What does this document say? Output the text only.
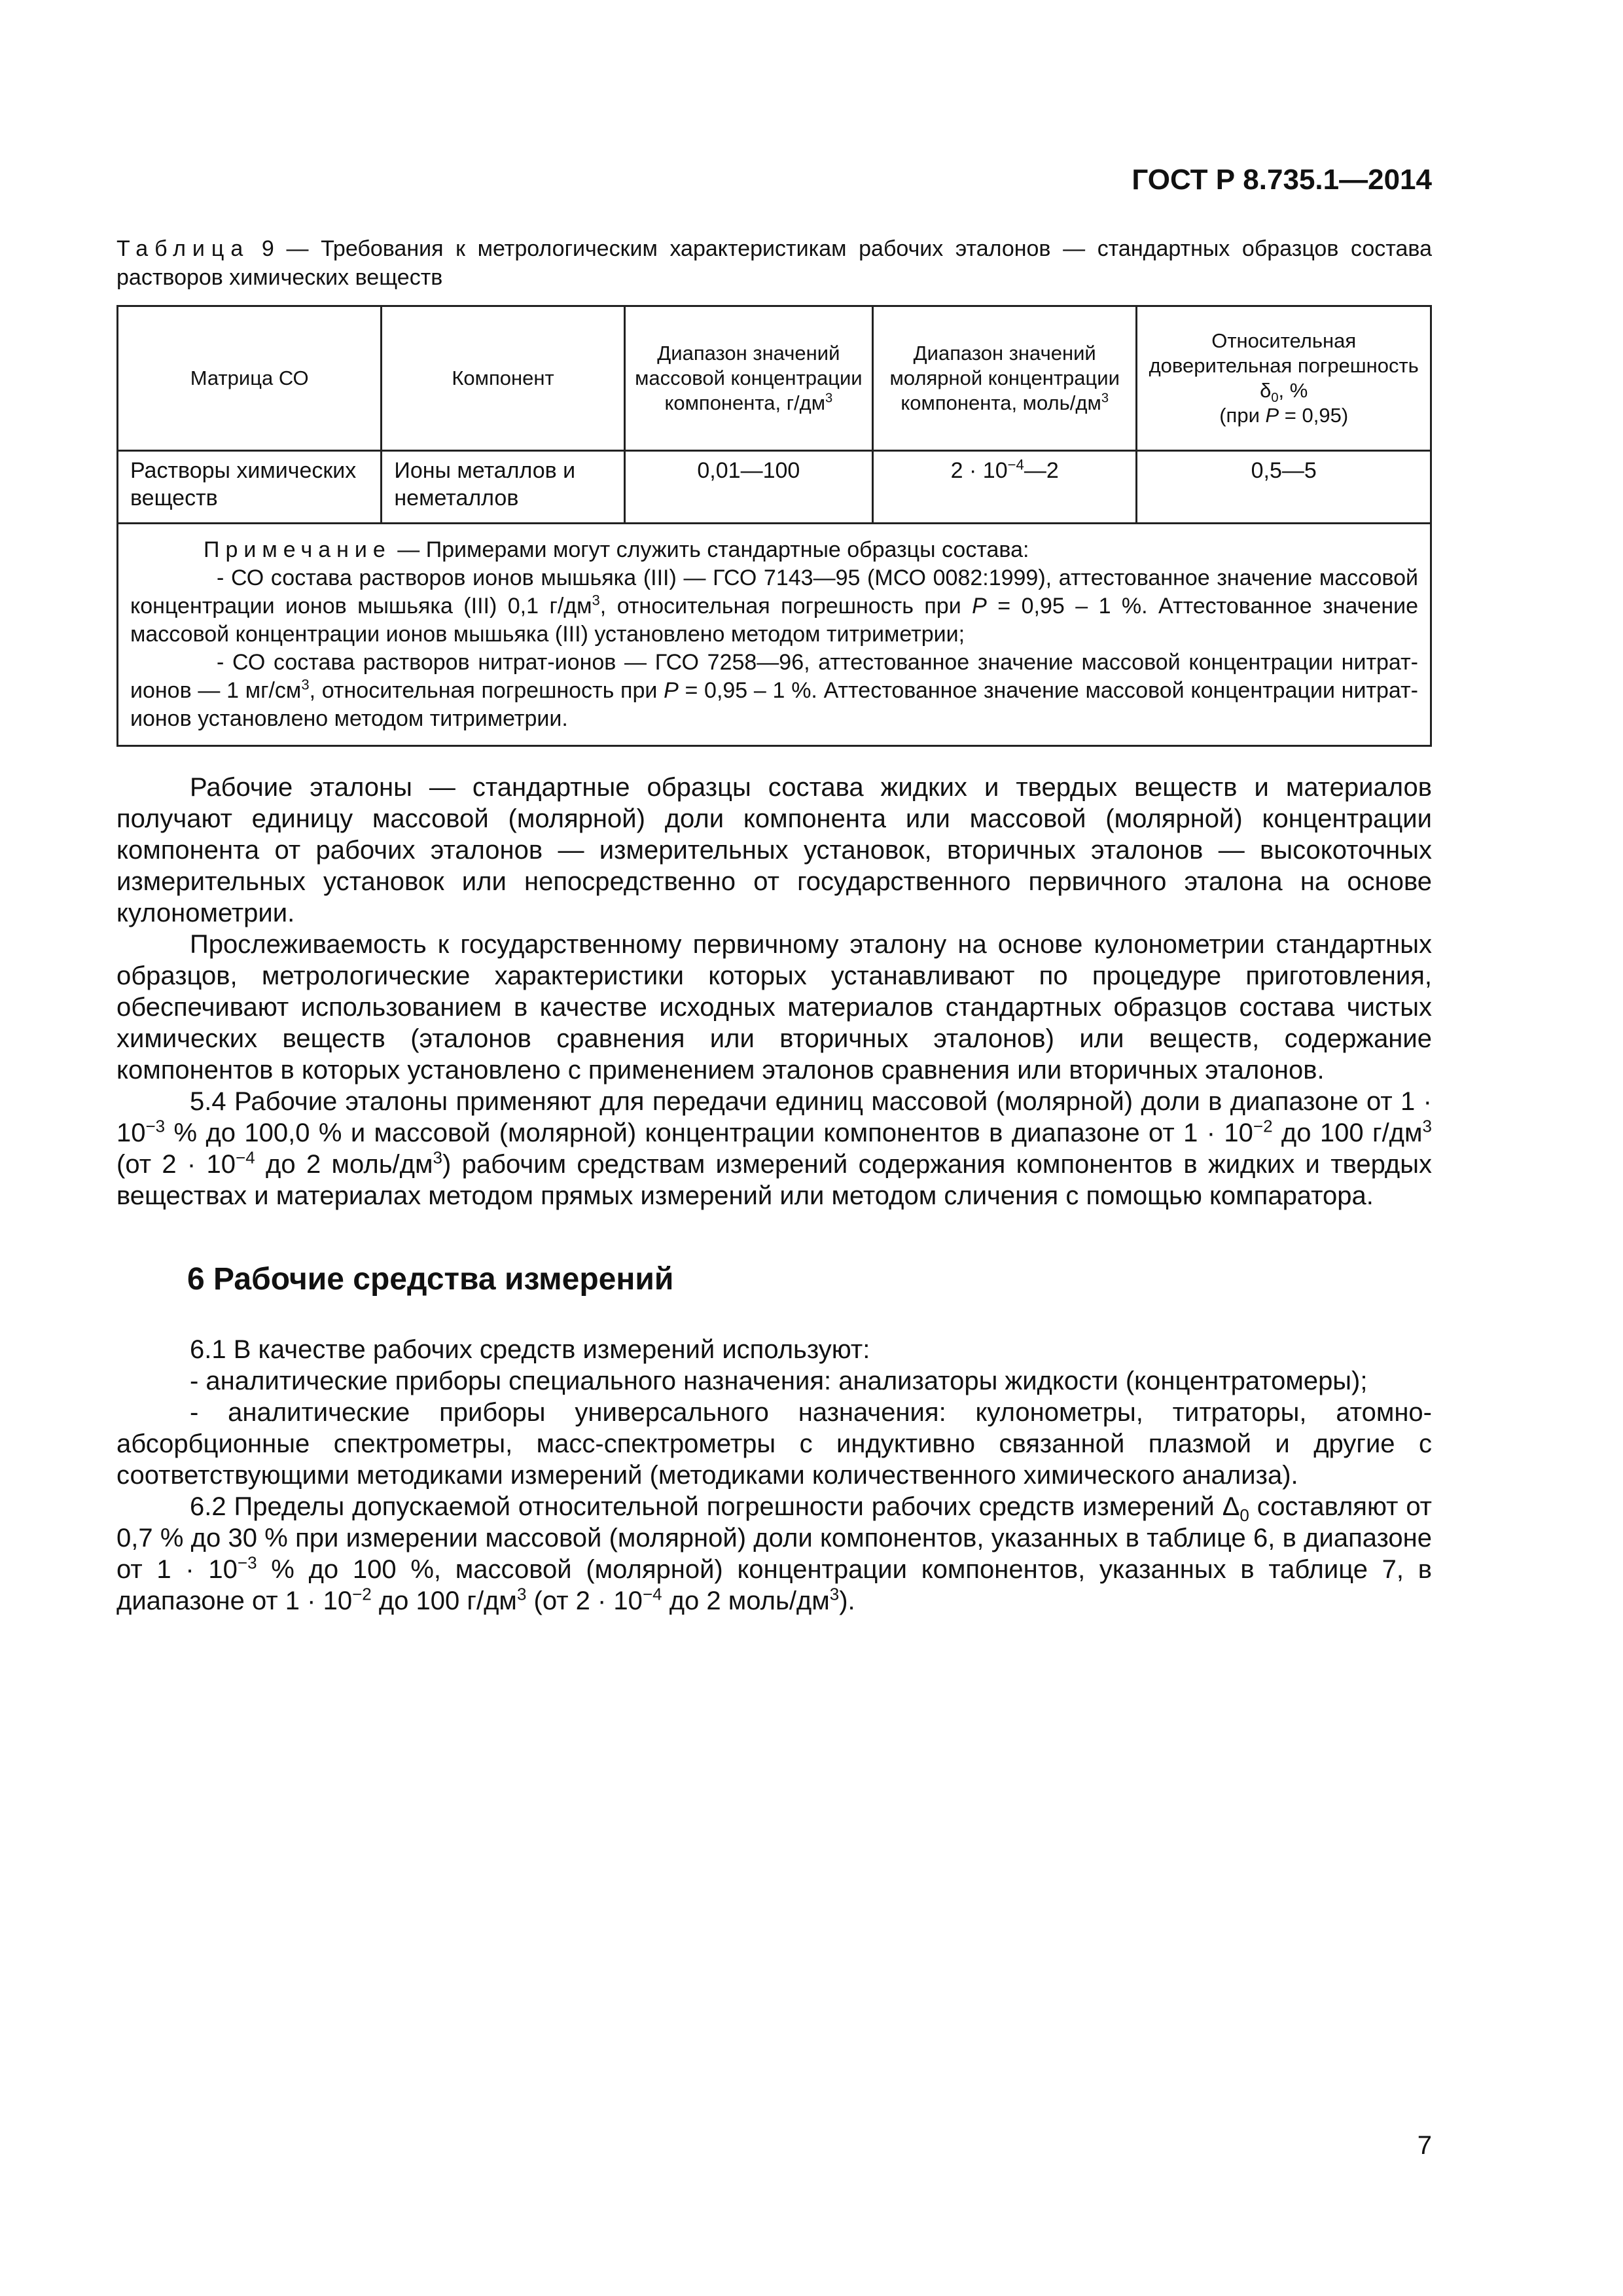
ГОСТ Р 8.735.1—2014
Таблица 9 — Требования к метрологическим характеристикам рабочих эталонов — стандартных образцов состава растворов химических веществ
Матрица СО	Компонент	Диапазон значений массовой концентрации компонента, $г/дм^3$	Диапазон значений молярной концентрации компонента, моль/$дм^3$	Относительная доверительная погрешность $\delta_0$, %
(при P = 0,95)
Растворы химических веществ	Ионы металлов и неметаллов	0,01—100	$2 \cdot 10^{-4}—2$	0,5—5

Примечание — Примерами могут служить стандартные образцы состава:

- СО состава растворов ионов мышьяка (III) — ГСО 7143—95 (МСО 0082:1999), аттестованное значение массовой концентрации ионов мышьяка (III) 0,1 $г/дм^3$, относительная погрешность при P = 0,95 – 1 %. Аттестованное значение массовой концентрации ионов мышьяка (III) установлено методом титриметрии;

- СО состава растворов нитрат-ионов — ГСО 7258—96, аттестованное значение массовой концентрации нитрат-ионов — 1 $мг/см^3$, относительная погрешность при P = 0,95 – 1 %. Аттестованное значение массовой концентрации нитрат-ионов установлено методом титриметрии.				

Рабочие эталоны — стандартные образцы состава жидких и твердых веществ и материалов получают единицу массовой (молярной) доли компонента или массовой (молярной) концентрации компонента от рабочих эталонов — измерительных установок, вторичных эталонов — высокоточных измерительных установок или непосредственно от государственного первичного эталона на основе кулонометрии.

Прослеживаемость к государственному первичному эталону на основе кулонометрии стандартных образцов, метрологические характеристики которых устанавливают по процедуре приготовления, обеспечивают использованием в качестве исходных материалов стандартных образцов состава чистых химических веществ (эталонов сравнения или вторичных эталонов) или веществ, содержание компонентов в которых установлено с применением эталонов сравнения или вторичных эталонов.

5.4 Рабочие эталоны применяют для передачи единиц массовой (молярной) доли в диапазоне от $1 \cdot 10^{-3}$ % до 100,0 % и массовой (молярной) концентрации компонентов в диапазоне от $1 \cdot 10^{-2}$ до 100 $г/дм^3$ (от $2 \cdot 10^{-4}$ до 2 моль/$дм^3$) рабочим средствам измерений содержания компонентов в жидких и твердых веществах и материалах методом прямых измерений или методом сличения с помощью компаратора.

6 Рабочие средства измерений

6.1 В качестве рабочих средств измерений используют:

- аналитические приборы специального назначения: анализаторы жидкости (концентратомеры);

- аналитические приборы универсального назначения: кулонометры, титраторы, атомно-абсорбционные спектрометры, масс-спектрометры с индуктивно связанной плазмой и другие с соответствующими методиками измерений (методиками количественного химического анализа).

6.2 Пределы допускаемой относительной погрешности рабочих средств измерений $\Delta_0$ составляют от 0,7 % до 30 % при измерении массовой (молярной) доли компонентов, указанных в таблице 6, в диапазоне от $1 \cdot 10^{-3}$ % до 100 %, массовой (молярной) концентрации компонентов, указанных в таблице 7, в диапазоне от $1 \cdot 10^{-2}$ до 100 $г/дм^3$ (от $2 \cdot 10^{-4}$ до 2 моль/$дм^3$).

7
